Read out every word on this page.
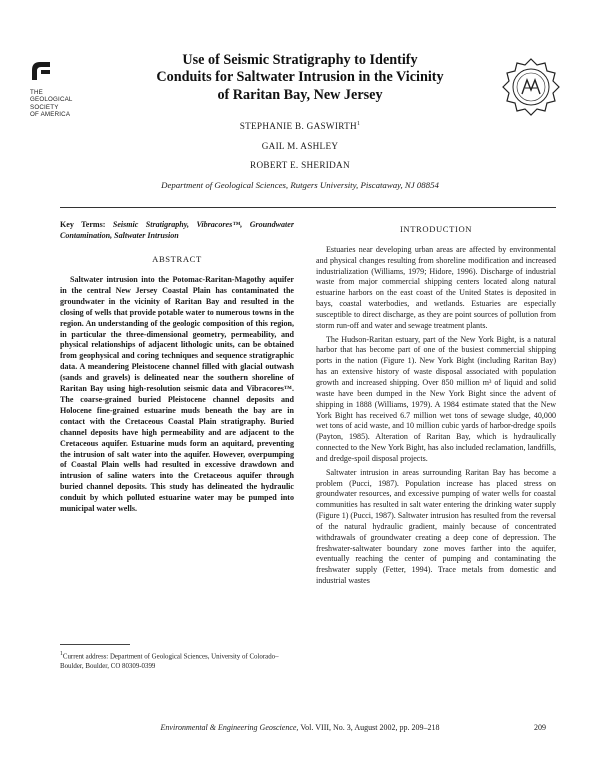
THE
GEOLOGICAL
SOCIETY
OF AMERICA
Use of Seismic Stratigraphy to Identify
Conduits for Saltwater Intrusion in the Vicinity
of Raritan Bay, New Jersey
STEPHANIE B. GASWIRTH$^1$
GAIL M. ASHLEY
ROBERT E. SHERIDAN
Department of Geological Sciences, Rutgers University, Piscataway, NJ 08854
Key Terms: Seismic Stratigraphy, Vibracores™, Groundwater Contamination, Saltwater Intrusion
ABSTRACT
Saltwater intrusion into the Potomac-Raritan-Magothy aquifer in the central New Jersey Coastal Plain has contaminated the groundwater in the vicinity of Raritan Bay and resulted in the closing of wells that provide potable water to numerous towns in the region. An understanding of the geologic composition of this region, in particular the three-dimensional geometry, permeability, and physical relationships of adjacent lithologic units, can be obtained from geophysical and coring techniques and sequence stratigraphic data. A meandering Pleistocene channel filled with glacial outwash (sands and gravels) is delineated near the southern shoreline of Raritan Bay using high-resolution seismic data and Vibracores™. The coarse-grained buried Pleistocene channel deposits and Holocene fine-grained estuarine muds beneath the bay are in contact with the Cretaceous Coastal Plain stratigraphy. Buried channel deposits have high permeability and are adjacent to the Cretaceous aquifer. Estuarine muds form an aquitard, preventing the intrusion of salt water into the aquifer. However, overpumping of Coastal Plain wells had resulted in excessive drawdown and intrusion of saline waters into the Cretaceous aquifer through buried channel deposits. This study has delineated the hydraulic conduit by which polluted estuarine water may be pumped into municipal water wells.
$^1$Current address: Department of Geological Sciences, University of Colorado–Boulder, Boulder, CO 80309-0399
INTRODUCTION

Estuaries near developing urban areas are affected by environmental and physical changes resulting from shoreline modification and increased industrialization (Williams, 1979; Hidore, 1996). Discharge of industrial waste from major commercial shipping centers located along natural estuarine harbors on the east coast of the United States is deposited in bays, coastal waterbodies, and wetlands. Estuaries are especially susceptible to direct discharge, as they are point sources of pollution from storm run-off and water and sewage treatment plants.

The Hudson-Raritan estuary, part of the New York Bight, is a natural harbor that has become part of one of the busiest commercial shipping ports in the nation (Figure 1). New York Bight (including Raritan Bay) has an extensive history of waste disposal associated with population growth and increased shipping. Over 850 million m³ of liquid and solid waste have been dumped in the New York Bight since the advent of shipping in 1888 (Williams, 1979). A 1984 estimate stated that the New York Bight has received 6.7 million wet tons of sewage sludge, 40,000 wet tons of acid waste, and 10 million cubic yards of harbor-dredge spoils (Payton, 1985). Alteration of Raritan Bay, which is hydraulically connected to the New York Bight, has also included reclamation, landfills, and dredge-spoil disposal projects.

Saltwater intrusion in areas surrounding Raritan Bay has become a problem (Pucci, 1987). Population increase has placed stress on groundwater resources, and excessive pumping of water wells for coastal communities has resulted in salt water entering the drinking water supply (Figure 1) (Pucci, 1987). Saltwater intrusion has resulted from the reversal of the natural hydraulic gradient, mainly because of concentrated withdrawals of groundwater creating a deep cone of depression. The freshwater-saltwater boundary zone moves farther into the aquifer, eventually reaching the center of pumping and contaminating the freshwater supply (Fetter, 1994). Trace metals from domestic and industrial wastes

Environmental & Engineering Geoscience, Vol. VIII, No. 3, August 2002, pp. 209–218	209
